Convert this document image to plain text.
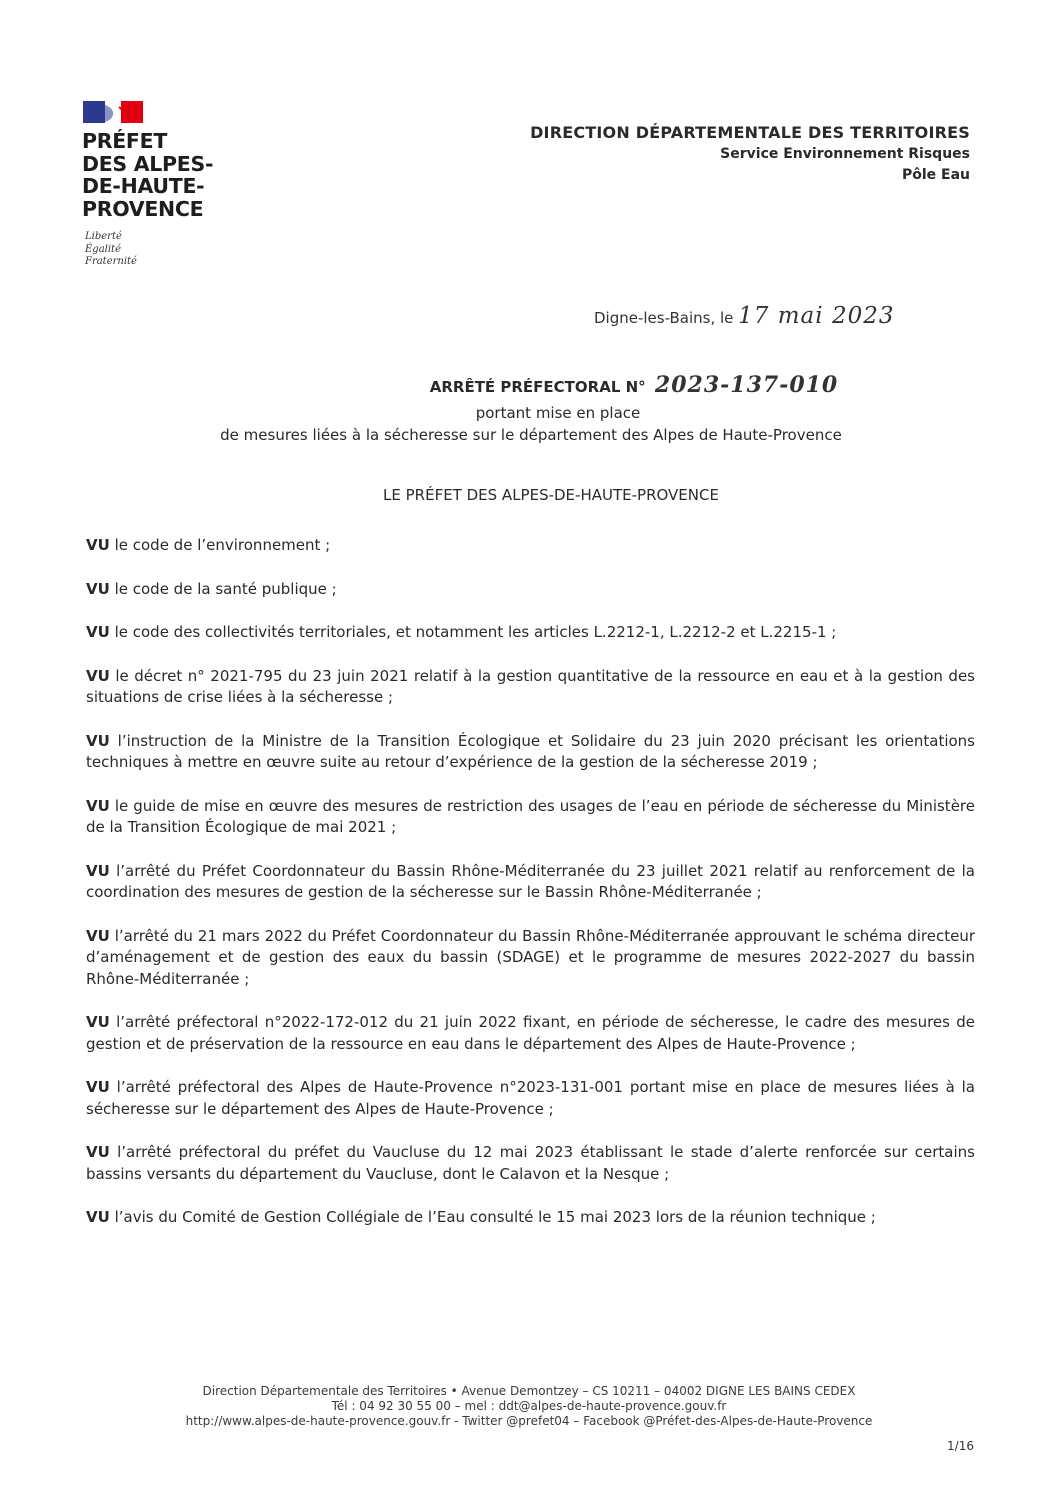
PRÉFET
DES ALPES-
DE-HAUTE-
PROVENCE
Liberté
Égalité
Fraternité
DIRECTION DÉPARTEMENTALE DES TERRITOIRES
Service Environnement Risques
Pôle Eau
Digne-les-Bains, le 17 mai 2023
ARRÊTÉ PRÉFECTORAL N° 2023-137-010
portant mise en place
de mesures liées à la sécheresse sur le département des Alpes de Haute-Provence
LE PRÉFET DES ALPES-DE-HAUTE-PROVENCE

VU le code de l’environnement ;

VU le code de la santé publique ;

VU le code des collectivités territoriales, et notamment les articles L.2212-1, L.2212-2 et L.2215-1 ;

VU le décret n° 2021-795 du 23 juin 2021 relatif à la gestion quantitative de la ressource en eau et à la gestion des situations de crise liées à la sécheresse ;

VU l’instruction de la Ministre de la Transition Écologique et Solidaire du 23 juin 2020 précisant les orientations techniques à mettre en œuvre suite au retour d’expérience de la gestion de la sécheresse 2019 ;

VU le guide de mise en œuvre des mesures de restriction des usages de l’eau en période de sécheresse du Ministère de la Transition Écologique de mai 2021 ;

VU l’arrêté du Préfet Coordonnateur du Bassin Rhône-Méditerranée du 23 juillet 2021 relatif au renforcement de la coordination des mesures de gestion de la sécheresse sur le Bassin Rhône-Méditerranée ;

VU l’arrêté du 21 mars 2022 du Préfet Coordonnateur du Bassin Rhône-Méditerranée approuvant le schéma directeur d’aménagement et de gestion des eaux du bassin (SDAGE) et le programme de mesures 2022-2027 du bassin Rhône-Méditerranée ;

VU l’arrêté préfectoral n°2022-172-012 du 21 juin 2022 fixant, en période de sécheresse, le cadre des mesures de gestion et de préservation de la ressource en eau dans le département des Alpes de Haute-Provence ;

VU l’arrêté préfectoral des Alpes de Haute-Provence n°2023-131-001 portant mise en place de mesures liées à la sécheresse sur le département des Alpes de Haute-Provence ;

VU l’arrêté préfectoral du préfet du Vaucluse du 12 mai 2023 établissant le stade d’alerte renforcée sur certains bassins versants du département du Vaucluse, dont le Calavon et la Nesque ;

VU l’avis du Comité de Gestion Collégiale de l’Eau consulté le 15 mai 2023 lors de la réunion technique ;

Direction Départementale des Territoires • Avenue Demontzey – CS 10211 – 04002 DIGNE LES BAINS CEDEX
Tél : 04 92 30 55 00 – mel : ddt@alpes-de-haute-provence.gouv.fr
http://www.alpes-de-haute-provence.gouv.fr - Twitter @prefet04 – Facebook @Préfet-des-Alpes-de-Haute-Provence
1/16
